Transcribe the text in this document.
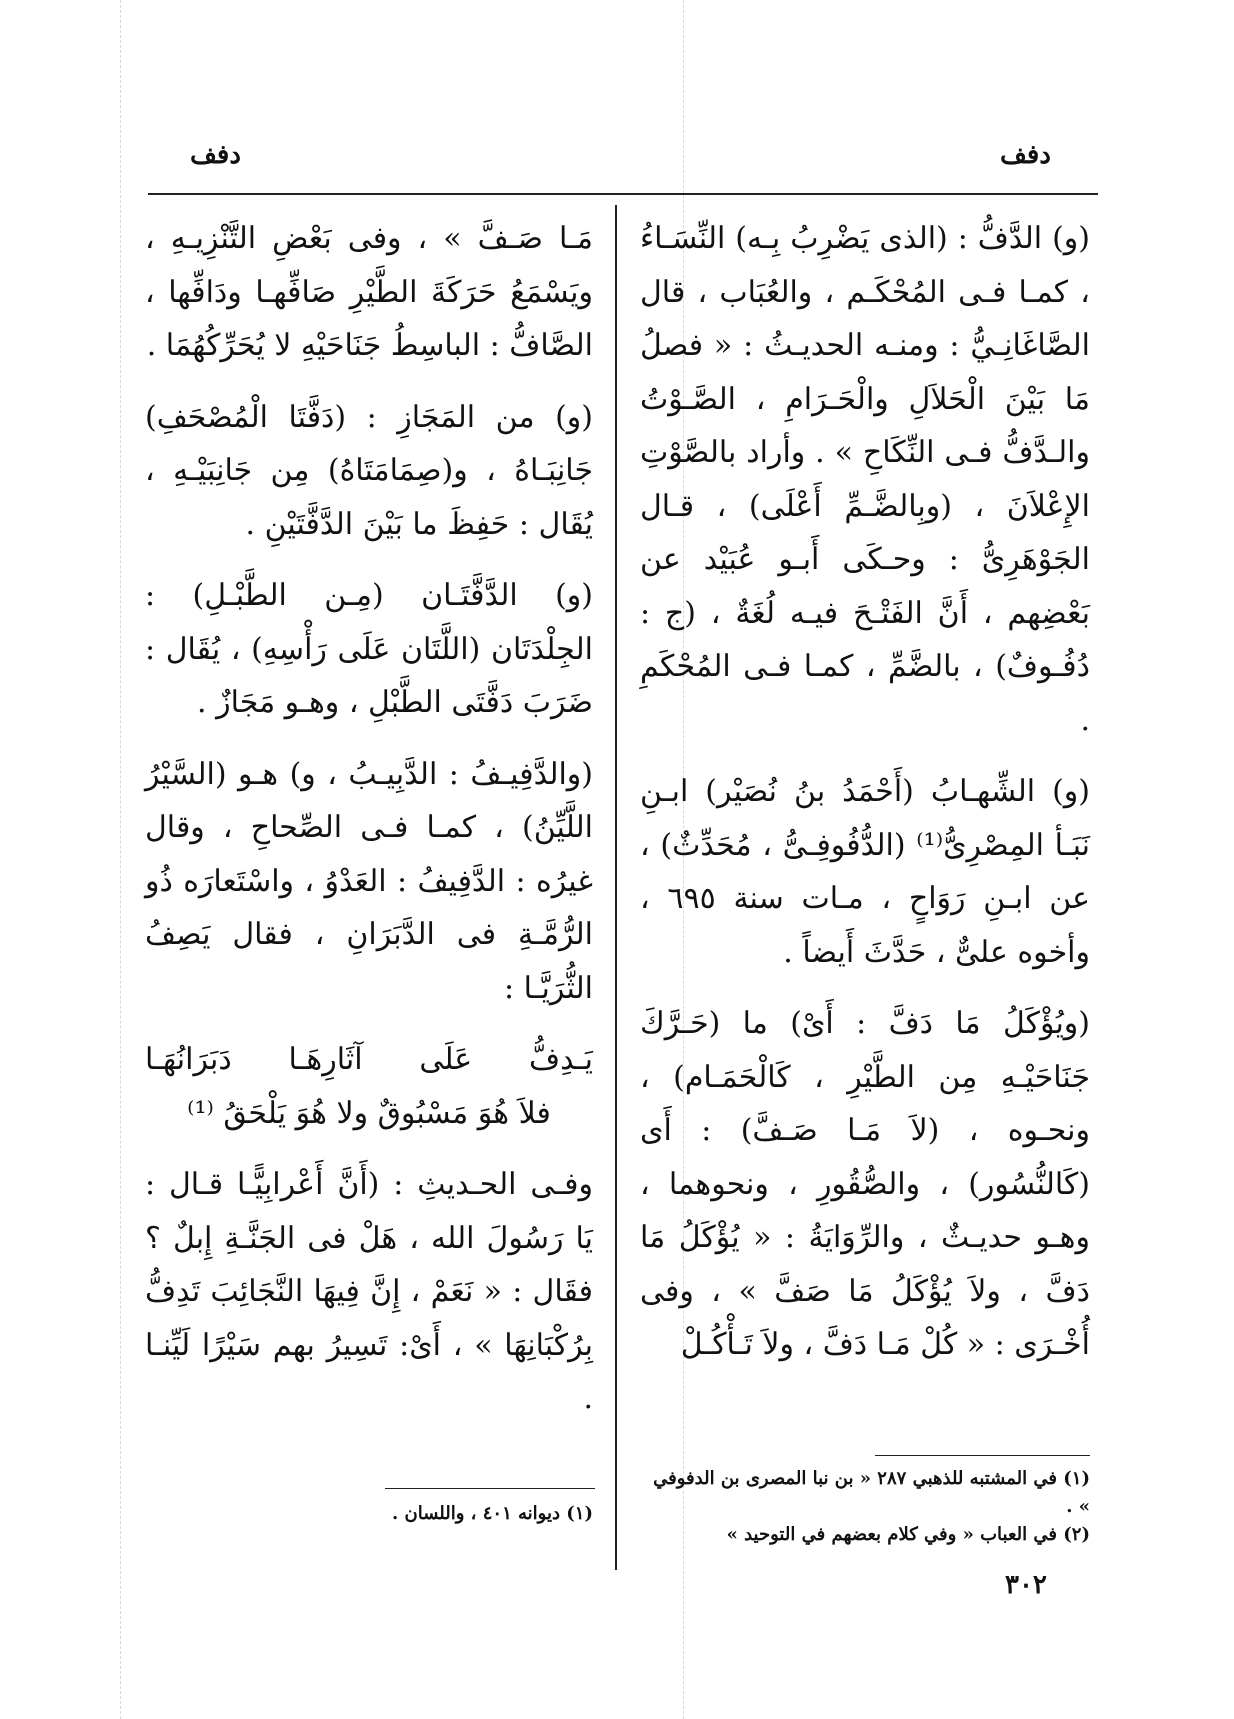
دفف
دفف

(و) الدَّفُّ : (الذى يَضْرِبُ بِـه) النِّسَـاءُ ، كمـا فـى المُحْكَـم ، والعُبَاب ، قال الصَّاغَانِـيُّ : ومنـه الحديـثُ : « فصلُ مَا بَيْنَ الْحَلاَلِ والْحَـرَامِ ، الصَّـوْتُ والـدَّفُّ فـى النِّكَاحِ » . وأراد بالصَّوْتِ الإِعْلاَنَ ، (وبِالضَّـمِّ أَعْلَى) ، قـال الجَوْهَرِىُّ : وحـكَى أَبـو عُبَيْد عن بَعْضِهم ، أَنَّ الفَتْـحَ فيـه لُغَةٌ ، (ج : دُفُـوفٌ) ، بالضَّمِّ ، كمـا فـى المُحْكَمِ .

(و) الشِّهـابُ (أَحْمَدُ بنُ نُصَيْر) ابـنِ نَبَـأ المِصْرِىُّ⁽¹⁾ (الدُّفُوفِـىُّ ، مُحَدِّثٌ) ، عن ابـنِ رَوَاحٍ ، مـات سنة ٦٩٥ ، وأخوه علىٌّ ، حَدَّثَ أَيضاً .

(ويُؤْكَلُ مَا دَفَّ : أَىْ) ما (حَـرَّكَ جَنَاحَيْـهِ مِن الطَّيْرِ ، كَالْحَمَـام) ، ونحـوه ، (لاَ مَـا صَـفَّ) : أَى (كَالنُّسُور) ، والصُّقُورِ ، ونحوهما ، وهـو حديـثٌ ، والرِّوَايَةُ : « يُؤْكَلُ مَا دَفَّ ، ولاَ يُؤْكَلُ مَا صَفَّ » ، وفى أُخْـرَى : « كُلْ مَـا دَفَّ ، ولاَ تَـأْكُـلْ

مَـا صَـفَّ » ، وفى بَعْضِ التَّنْزِيـهِ ، ويَسْمَعُ حَرَكَةَ الطَّيْرِ صَافِّهـا ودَافِّها ، الصَّافُّ : الباسِطُ جَنَاحَيْهِ لا يُحَرِّكُهُمَا .

(و) من المَجَازِ : (دَفَّتَا الْمُصْحَفِ) جَانِبَـاهُ ، و(صِمَامَتَاهُ) مِن جَانِبَيْـهِ ، يُقَال : حَفِظَ ما بَيْنَ الدَّفَّتَيْنِ .

(و) الدَّفَّتَـان (مِـن الطَّبْـلِ) : الجِلْدَتَان (اللَّتَان عَلَى رَأْسِهِ) ، يُقَال : ضَرَبَ دَفَّتَى الطَّبْلِ ، وهـو مَجَازٌ .

(والدَّفِيـفُ : الدَّبِيـبُ ، و) هـو (السَّيْرُ اللَّيِّنُ) ، كمـا فـى الصِّحاحِ ، وقال غيرُه : الدَّفِيفُ : العَدْوُ ، واسْتَعارَه ذُو الرُّمَّـةِ فى الدَّبَرَانِ ، فقال يَصِفُ الثُّرَيَّـا :

يَـدِفُّ عَلَى آثَارِهَـا دَبَرَانُهَـا
فلاَ هُوَ مَسْبُوقٌ ولا هُوَ يَلْحَقُ ⁽¹⁾

وفـى الحـديثِ : (أَنَّ أَعْرابِيًّـا قـال : يَا رَسُولَ الله ، هَلْ فى الجَنَّـةِ إِبلٌ ؟ فقَال : « نَعَمْ ، إِنَّ فِيهَا النَّجَائِبَ تَدِفُّ بِرُكْبَانِهَا » ، أَىْ: تَسِيرُ بهم سَيْرًا لَيِّنـا .

(١) في المشتبه للذهبي ٢٨٧ « بن نبا المصرى بن الدفوفي » .
(٢) في العباب « وفي كلام بعضهم في التوحيد »
(١) ديوانه ٤٠١ ، واللسان .
٣٠٢
